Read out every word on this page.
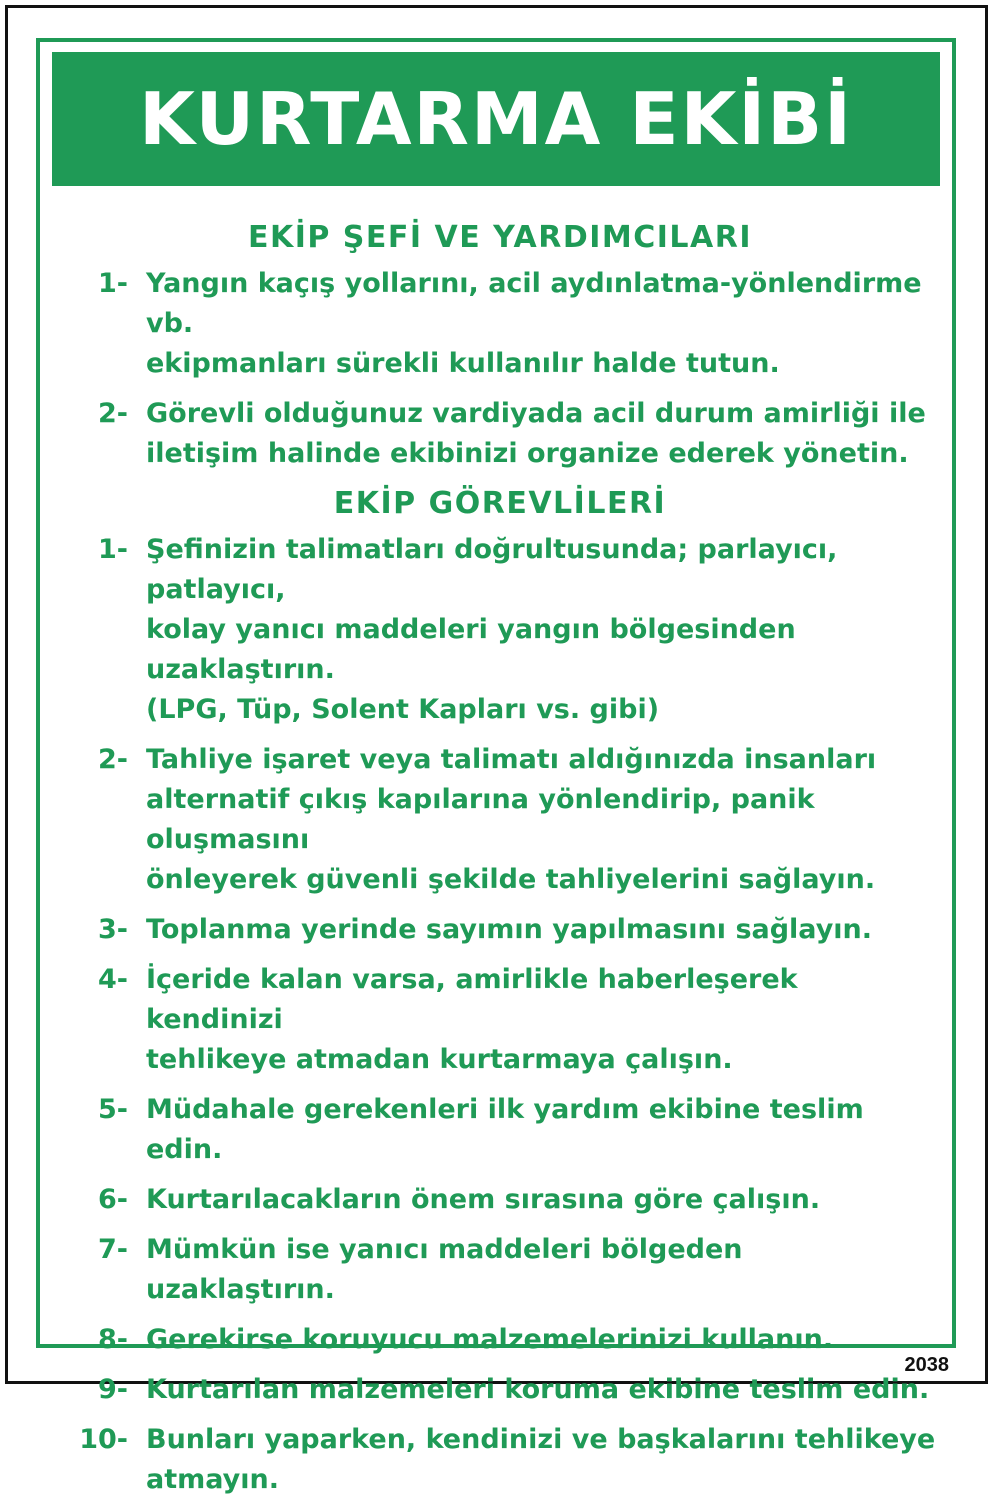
KURTARMA EKİBİ
EKİP ŞEFİ VE YARDIMCILARI
1 -	Yangın kaçış yollarını, acil aydınlatma-yönlendirme vb.
ekipmanları sürekli kullanılır halde tutun.
2 -	Görevli olduğunuz vardiyada acil durum amirliği ile
iletişim halinde ekibinizi organize ederek yönetin.
EKİP GÖREVLİLERİ
1 -	Şefinizin talimatları doğrultusunda; parlayıcı, patlayıcı,
kolay yanıcı maddeleri yangın bölgesinden uzaklaştırın.
(LPG, Tüp, Solent Kapları vs. gibi)
2 -	Tahliye işaret veya talimatı aldığınızda insanları
alternatif çıkış kapılarına yönlendirip, panik oluşmasını
önleyerek güvenli şekilde tahliyelerini sağlayın.
3 -	Toplanma yerinde sayımın yapılmasını sağlayın.
4 -	İçeride kalan varsa, amirlikle haberleşerek kendinizi
tehlikeye atmadan kurtarmaya çalışın.
5 -	Müdahale gerekenleri ilk yardım ekibine teslim edin.
6 -	Kurtarılacakların önem sırasına göre çalışın.
7 -	Mümkün ise yanıcı maddeleri bölgeden uzaklaştırın.
8 -	Gerekirse koruyucu malzemelerinizi kullanın.
9 -	Kurtarılan malzemeleri koruma ekibine teslim edin.
10 -	Bunları yaparken, kendinizi ve başkalarını tehlikeye
atmayın.
2038
